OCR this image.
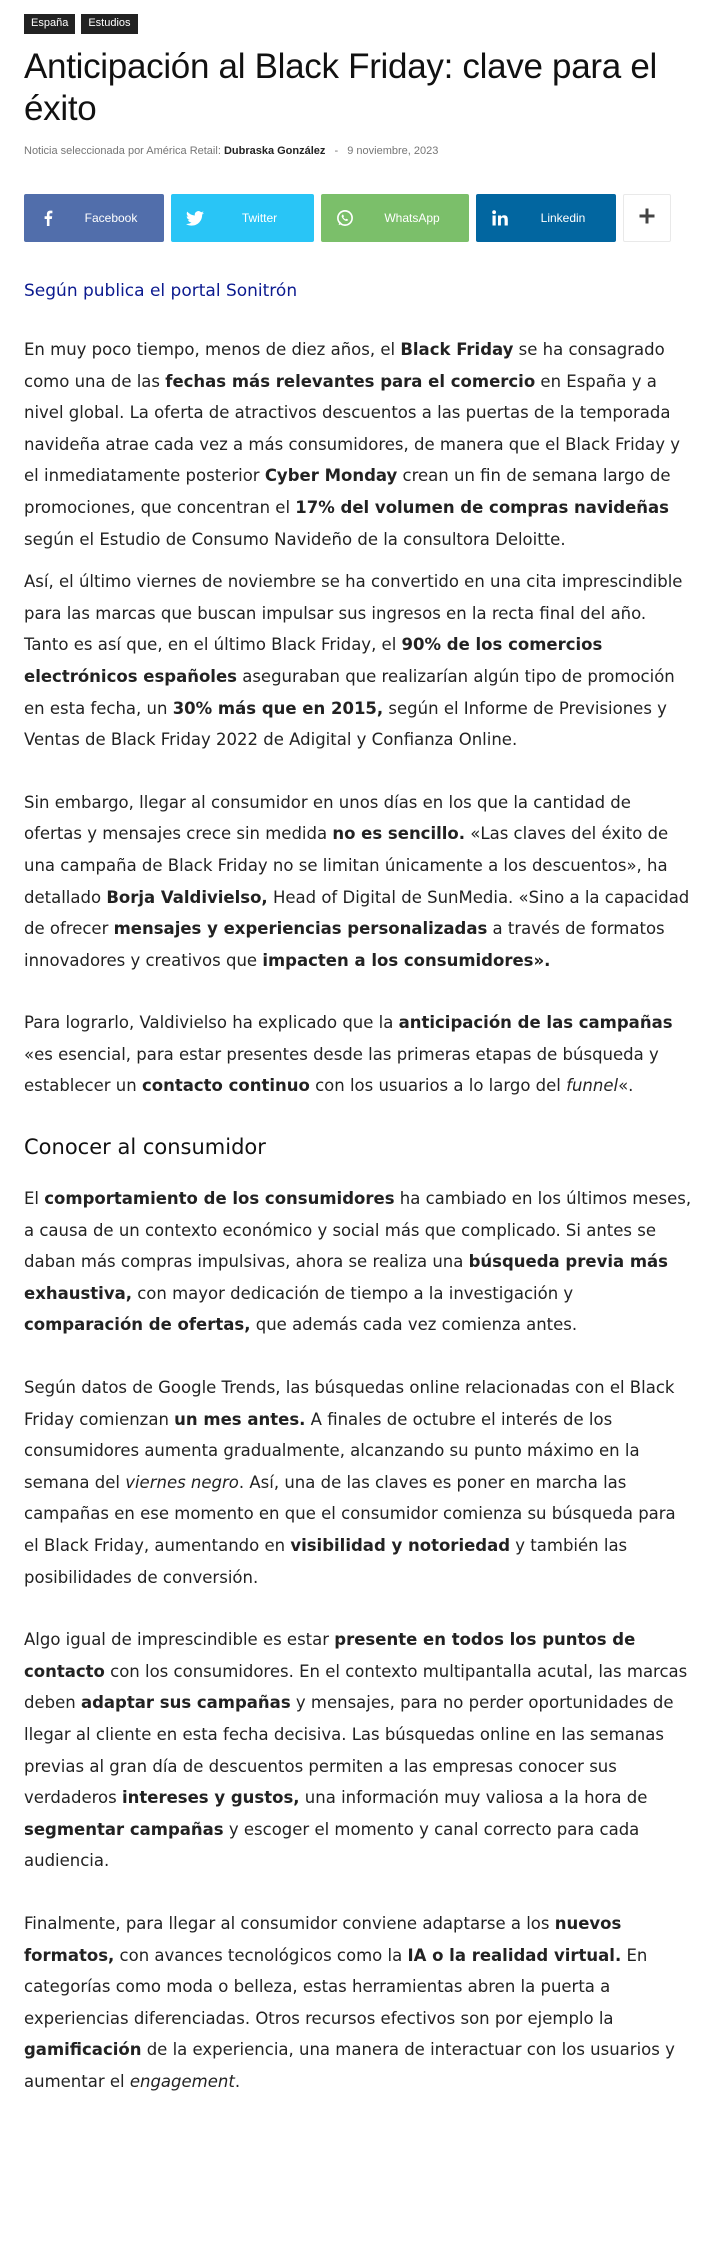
España	Estudios
Anticipación al Black Friday: clave para el éxito
Noticia seleccionada por América Retail: Dubraska González - 9 noviembre, 2023
Facebook	Twitter	WhatsApp	Linkedin
Según publica el portal Sonitrón

En muy poco tiempo, menos de diez años, el Black Friday se ha consagrado como una de las fechas más relevantes para el comercio en España y a nivel global. La oferta de atractivos descuentos a las puertas de la temporada navideña atrae cada vez a más consumidores, de manera que el Black Friday y el inmediatamente posterior Cyber Monday crean un fin de semana largo de promociones, que concentran el 17% del volumen de compras navideñas según el Estudio de Consumo Navideño de la consultora Deloitte.

Así, el último viernes de noviembre se ha convertido en una cita imprescindible para las marcas que buscan impulsar sus ingresos en la recta final del año. Tanto es así que, en el último Black Friday, el 90% de los comercios electrónicos españoles aseguraban que realizarían algún tipo de promoción en esta fecha, un 30% más que en 2015, según el Informe de Previsiones y Ventas de Black Friday 2022 de Adigital y Confianza Online.

Sin embargo, llegar al consumidor en unos días en los que la cantidad de ofertas y mensajes crece sin medida no es sencillo. «Las claves del éxito de una campaña de Black Friday no se limitan únicamente a los descuentos», ha detallado Borja Valdivielso, Head of Digital de SunMedia. «Sino a la capacidad de ofrecer mensajes y experiencias personalizadas a través de formatos innovadores y creativos que impacten a los consumidores».

Para lograrlo, Valdivielso ha explicado que la anticipación de las campañas «es esencial, para estar presentes desde las primeras etapas de búsqueda y establecer un contacto continuo con los usuarios a lo largo del funnel«.

Conocer al consumidor

El comportamiento de los consumidores ha cambiado en los últimos meses, a causa de un contexto económico y social más que complicado. Si antes se daban más compras impulsivas, ahora se realiza una búsqueda previa más exhaustiva, con mayor dedicación de tiempo a la investigación y comparación de ofertas, que además cada vez comienza antes.

Según datos de Google Trends, las búsquedas online relacionadas con el Black Friday comienzan un mes antes. A finales de octubre el interés de los consumidores aumenta gradualmente, alcanzando su punto máximo en la semana del viernes negro. Así, una de las claves es poner en marcha las campañas en ese momento en que el consumidor comienza su búsqueda para el Black Friday, aumentando en visibilidad y notoriedad y también las posibilidades de conversión.

Algo igual de imprescindible es estar presente en todos los puntos de contacto con los consumidores. En el contexto multipantalla acutal, las marcas deben adaptar sus campañas y mensajes, para no perder oportunidades de llegar al cliente en esta fecha decisiva. Las búsquedas online en las semanas previas al gran día de descuentos permiten a las empresas conocer sus verdaderos intereses y gustos, una información muy valiosa a la hora de segmentar campañas y escoger el momento y canal correcto para cada audiencia.

Finalmente, para llegar al consumidor conviene adaptarse a los nuevos formatos, con avances tecnológicos como la IA o la realidad virtual. En categorías como moda o belleza, estas herramientas abren la puerta a experiencias diferenciadas. Otros recursos efectivos son por ejemplo la gamificación de la experiencia, una manera de interactuar con los usuarios y aumentar el engagement.
